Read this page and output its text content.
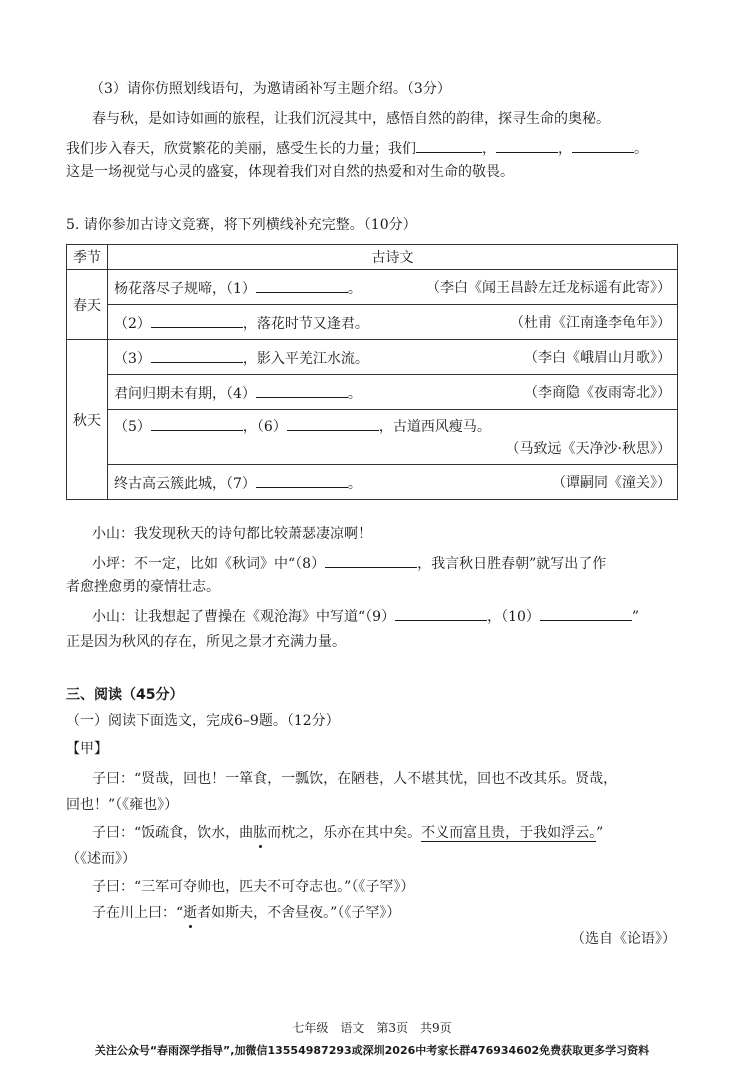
（3）请你仿照划线语句，为邀请函补写主题介绍。（3分）
春与秋，是如诗如画的旅程，让我们沉浸其中，感悟自然的韵律，探寻生命的奥秘。
我们步入春天，欣赏繁花的美丽，感受生长的力量；我们	，	，	。
这是一场视觉与心灵的盛宴，体现着我们对自然的热爱和对生命的敬畏。
5. 请你参加古诗文竞赛，将下列横线补充完整。（10分）
季节	古诗文
春天	杨花落尽子规啼，（1） 。 （李白《闻王昌龄左迁龙标遥有此寄》）

	（2） ，落花时节又逢君。 （杜甫《江南逢李龟年》）

秋天	（3） ，影入平羌江水流。 （李白《峨眉山月歌》）

	君问归期未有期，（4） 。 （李商隐《夜雨寄北》）

	（5） ，（6） ，古道西风瘦马。
（马致远《天净沙·秋思》）

	终古高云簇此城，（7） 。 （谭嗣同《潼关》）
小山：我发现秋天的诗句都比较萧瑟凄凉啊！
小坪：不一定，比如《秋词》中“（8）	，我言秋日胜春朝”就写出了作
者愈挫愈勇的豪情壮志。
小山：让我想起了曹操在《观沧海》中写道“（9）	，（10）	”
正是因为秋风的存在，所见之景才充满力量。
三、阅读（45分）
（一）阅读下面选文，完成6–9题。（12分）
【甲】
子曰：“贤哉，回也！一箪食，一瓢饮，在陋巷，人不堪其忧，回也不改其乐。贤哉，
回也！”（《雍也》）
子曰：“饭疏食，饮水，曲肱
而枕之，乐亦在其中矣。不义而富且贵，于我如浮云。”
（《述而》）
子曰：“三军可夺帅也，匹夫不可夺志也。”（《子罕》）
子在川上曰：“逝
者如斯夫，不舍昼夜。”（《子罕》）
（选自《论语》）
七年级　语文　第3页　共9页
关注公众号“春雨深学指导”,加微信13554987293或深圳2026中考家长群476934602免费获取更多学习资料
